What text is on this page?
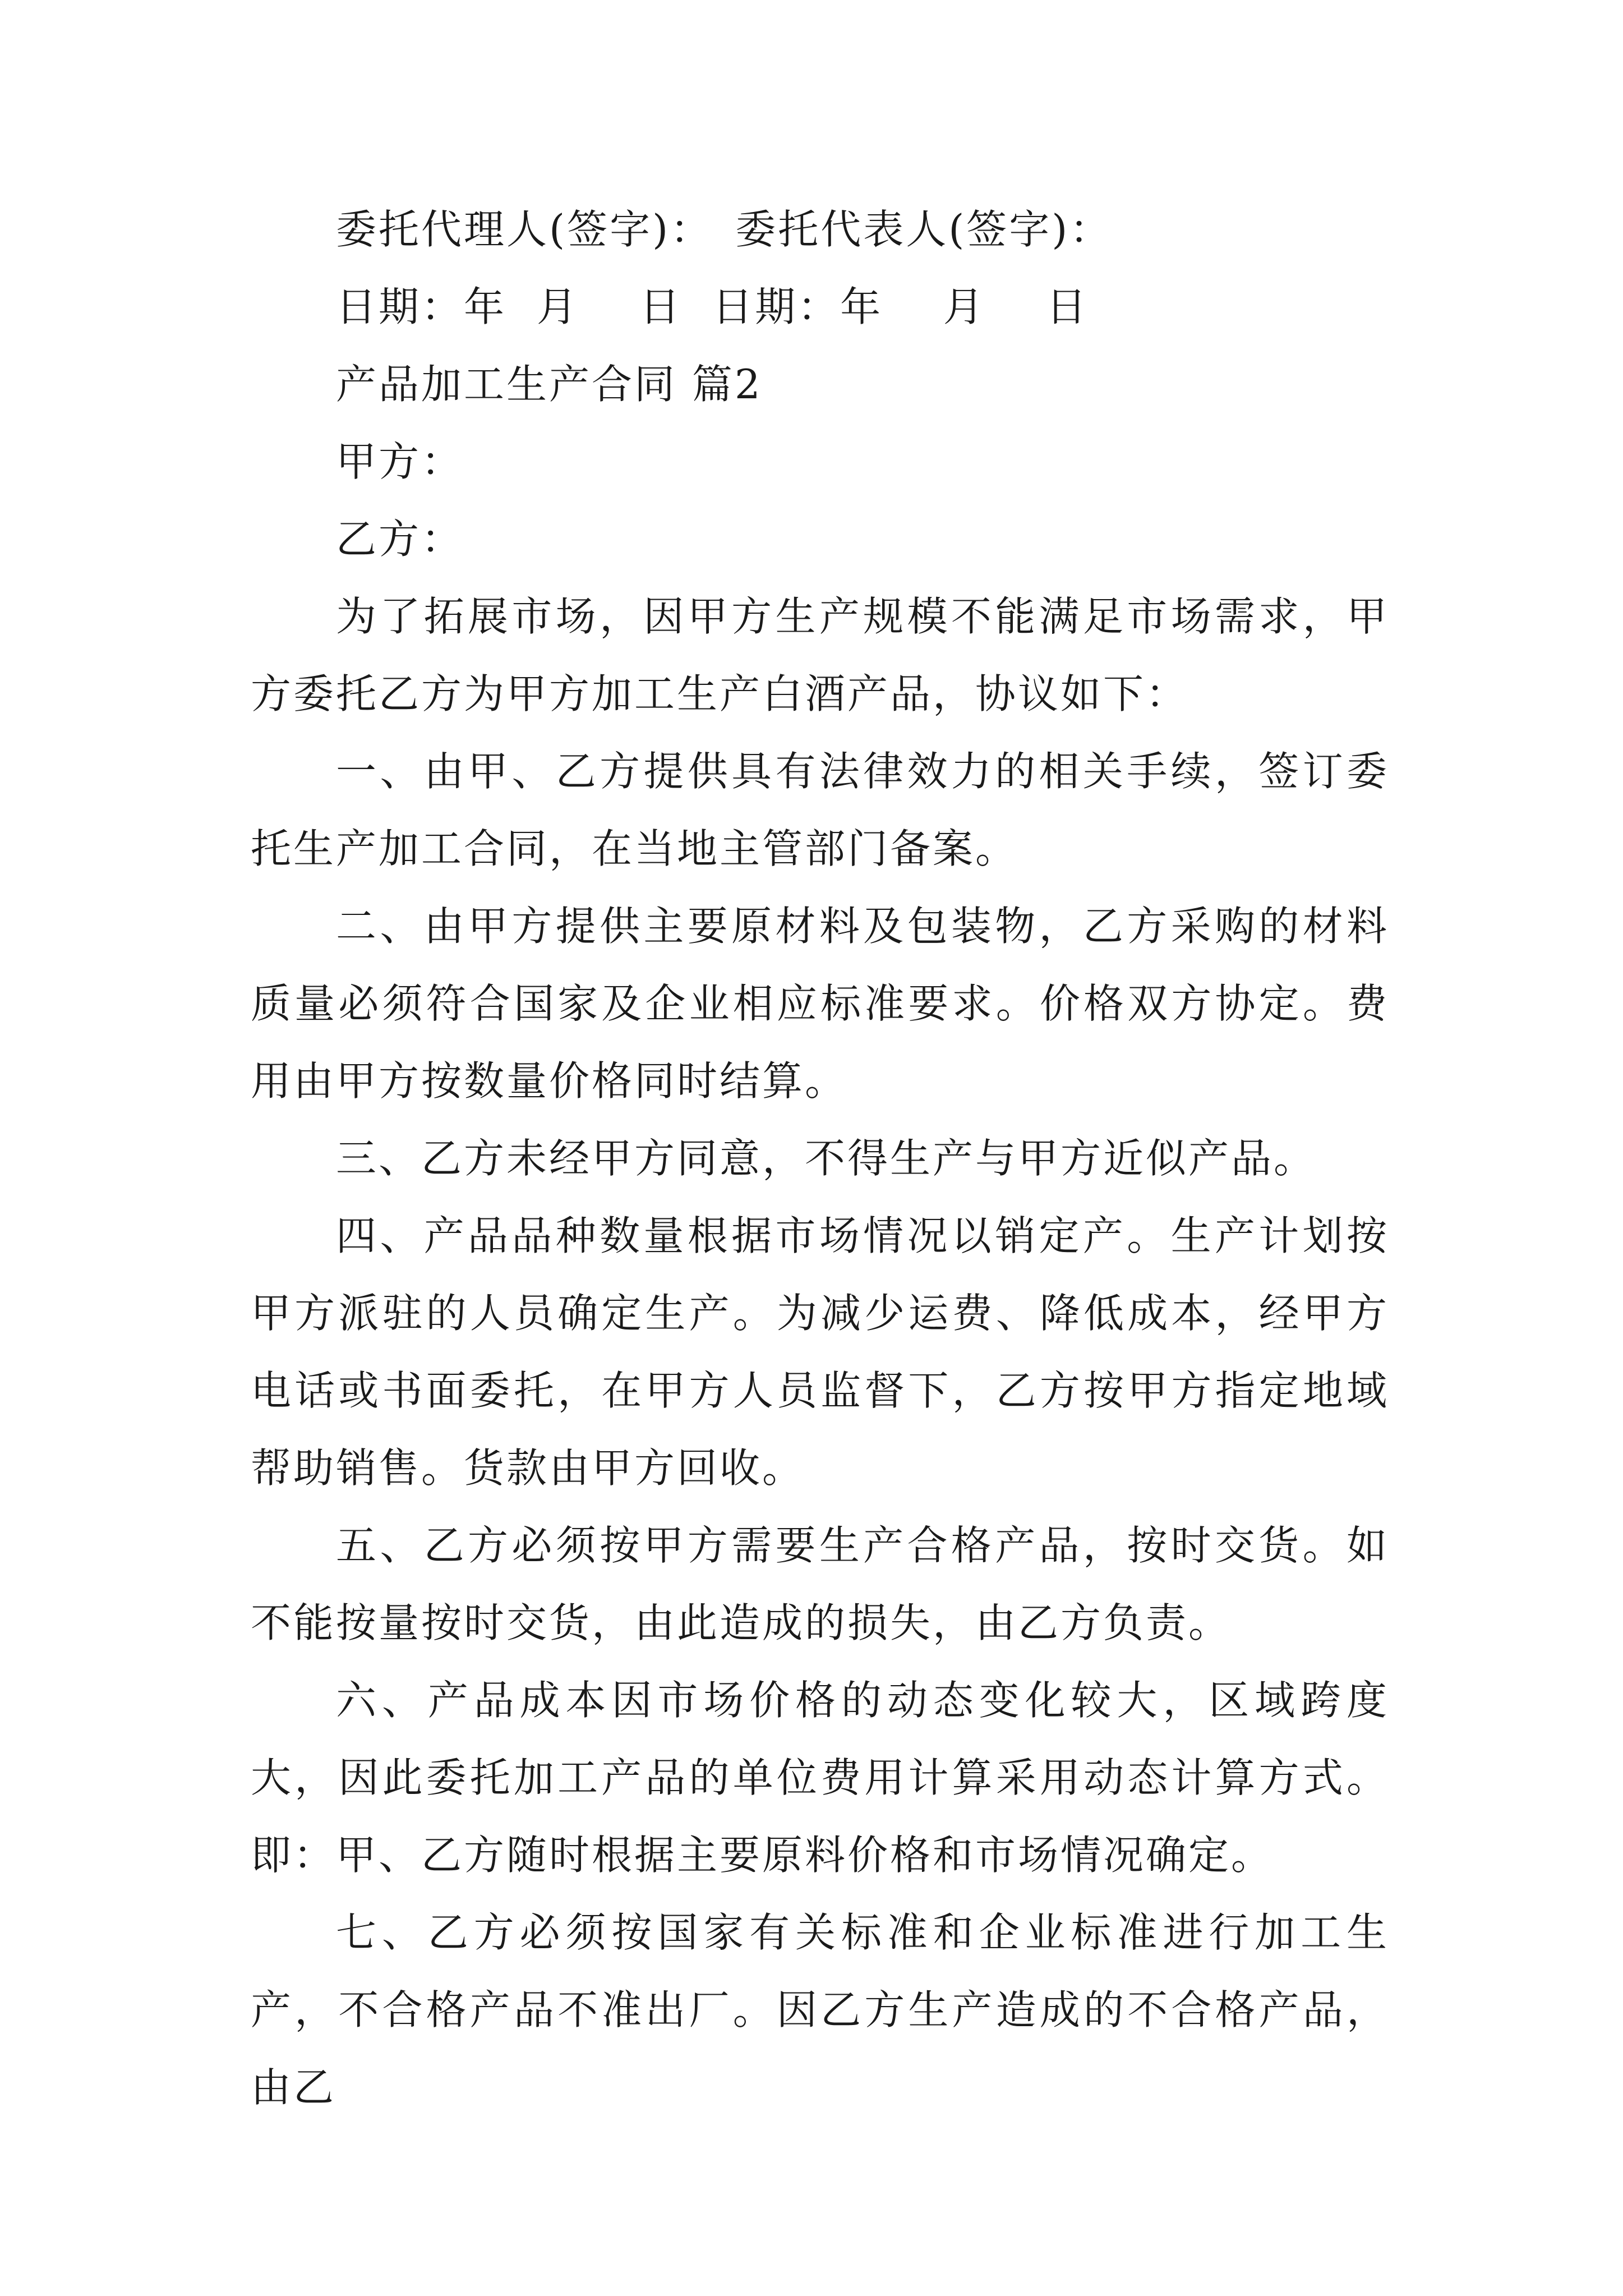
委托代理人(签字)： 委托代表人(签字)：
日期：年  月    日  日期：年    月    日
产品加工生产合同 篇2
甲方：
乙方：

为了拓展市场，因甲方生产规模不能满足市场需求，甲方委托乙方为甲方加工生产白酒产品，协议如下：

一、由甲、乙方提供具有法律效力的相关手续，签订委托生产加工合同，在当地主管部门备案。

二、由甲方提供主要原材料及包装物，乙方采购的材料质量必须符合国家及企业相应标准要求。价格双方协定。费用由甲方按数量价格同时结算。

三、乙方未经甲方同意，不得生产与甲方近似产品。

四、产品品种数量根据市场情况以销定产。生产计划按甲方派驻的人员确定生产。为减少运费、降低成本，经甲方电话或书面委托，在甲方人员监督下，乙方按甲方指定地域帮助销售。货款由甲方回收。

五、乙方必须按甲方需要生产合格产品，按时交货。如不能按量按时交货，由此造成的损失，由乙方负责。

六、产品成本因市场价格的动态变化较大，区域跨度大，因此委托加工产品的单位费用计算采用动态计算方式。即：甲、乙方随时根据主要原料价格和市场情况确定。

七、乙方必须按国家有关标准和企业标准进行加工生产，不合格产品不准出厂。因乙方生产造成的不合格产品，由乙
